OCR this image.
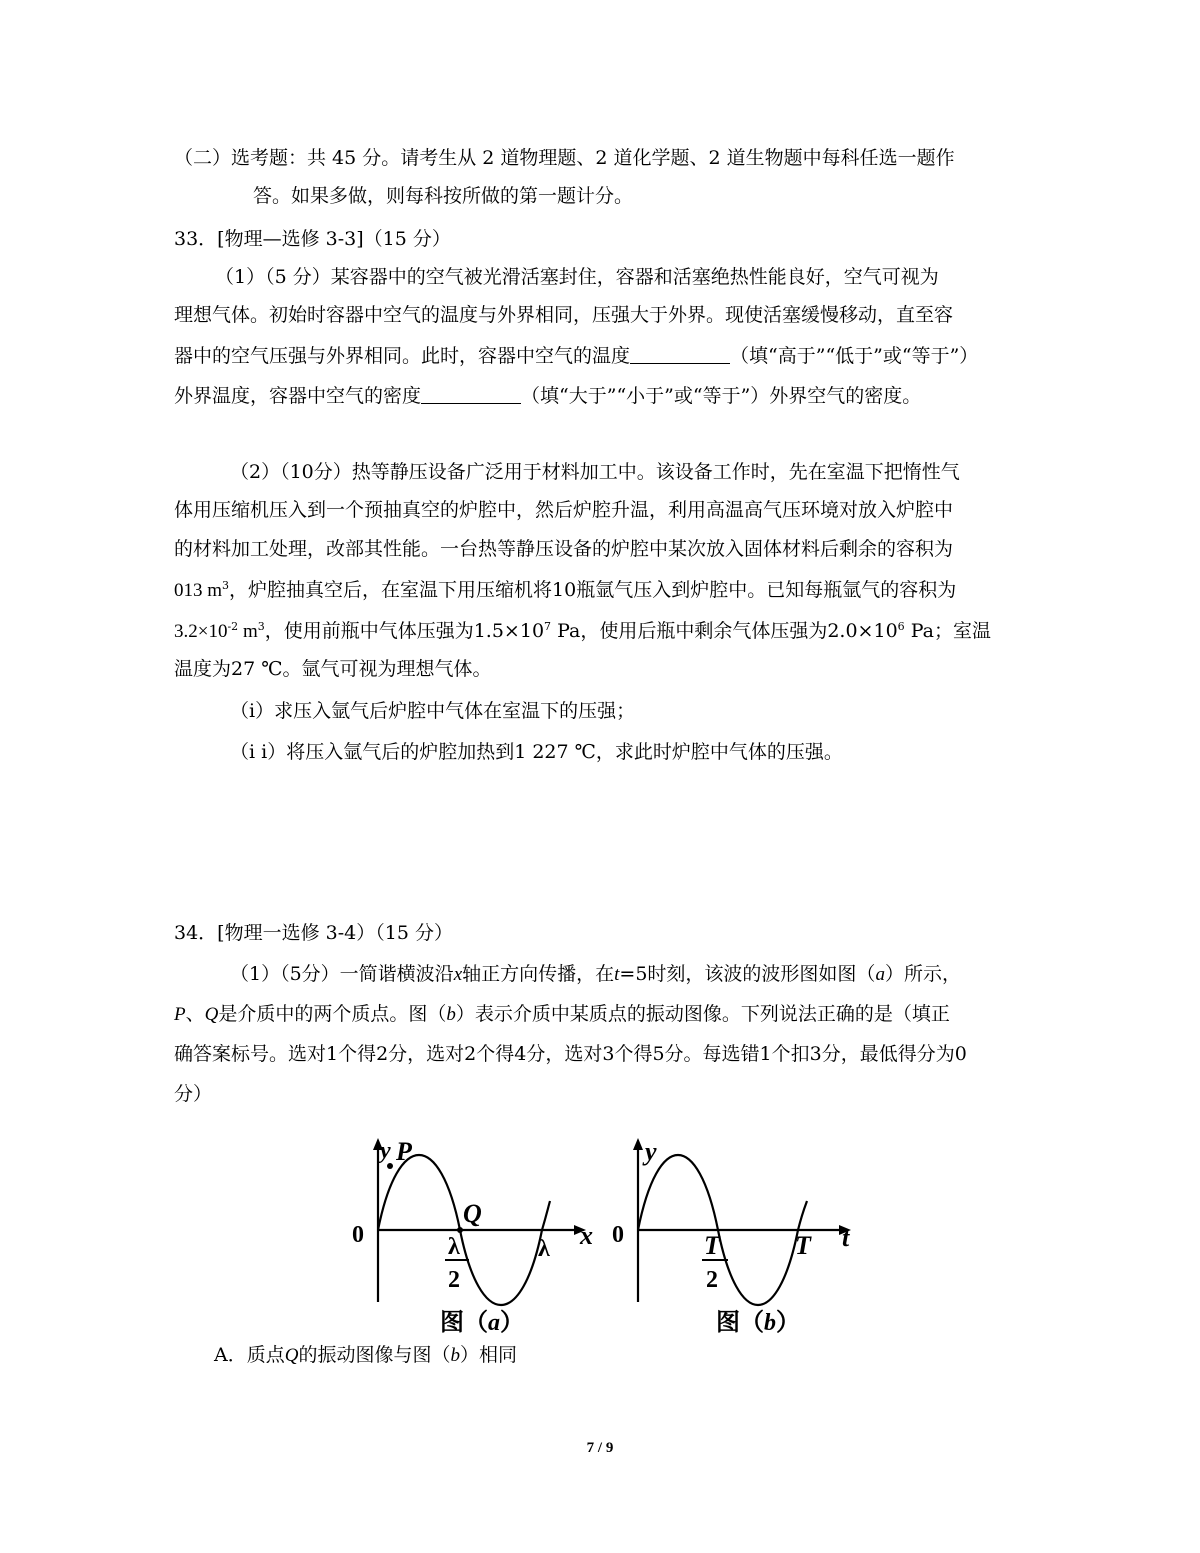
（二）选考题：共 45 分。请考生从 2 道物理题、2 道化学题、2 道生物题中每科任选一题作
答。如果多做，则每科按所做的第一题计分。
33．[物理—选修 3-3]（15 分）
（1）（5 分）某容器中的空气被光滑活塞封住，容器和活塞绝热性能良好，空气可视为
理想气体。初始时容器中空气的温度与外界相同，压强大于外界。现使活塞缓慢移动，直至容
器中的空气压强与外界相同。此时，容器中空气的温度	（填“高于”“低于”或“等于”）
外界温度，容器中空气的密度	（填“大于”“小于”或“等于”）外界空气的密度。
（2）（10分）热等静压设备广泛用于材料加工中。该设备工作时，先在室温下把惰性气
体用压缩机压入到一个预抽真空的炉腔中，然后炉腔升温，利用高温高气压环境对放入炉腔中
的材料加工处理，改部其性能。一台热等静压设备的炉腔中某次放入固体材料后剩余的容积为
013 $m^3$，炉腔抽真空后，在室温下用压缩机将10瓶氩气压入到炉腔中。已知每瓶氩气的容积为
$3.2\times 10^{-2}$ $m^3$，使用前瓶中气体压强为$1.5\times 10^7$ Pa，使用后瓶中剩余气体压强为$2.0\times 10^6$ Pa；室温
温度为27 ℃。氩气可视为理想气体。
（i）求压入氩气后炉腔中气体在室温下的压强；
（i i）将压入氩气后的炉腔加热到1 227 ℃，求此时炉腔中气体的压强。
34．[物理一选修 3-4）（15 分）
（1）（5分）一简谐横波沿x轴正方向传播，在t=5时刻，该波的波形图如图（a）所示，
P、Q是介质中的两个质点。图（b）表示介质中某质点的振动图像。下列说法正确的是（填正
确答案标号。选对1个得2分，选对2个得4分，选对3个得5分。每选错1个扣3分，最低得分为0
分）
y P
Q
0	λ
2
λ x
图（a）
y
0	T
2
T t
图（b）
A．质点Q的振动图像与图（b）相同
7 / 9
